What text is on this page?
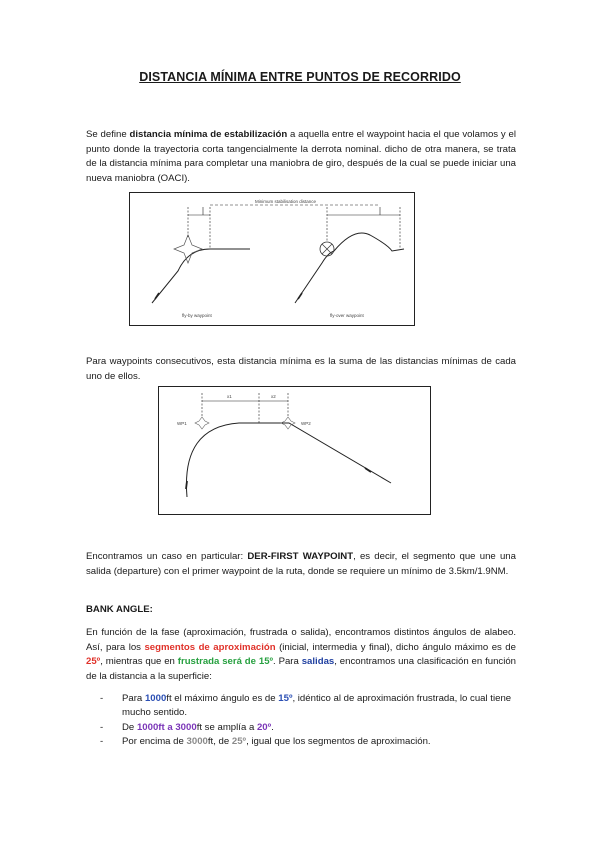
DISTANCIA MÍNIMA ENTRE PUNTOS DE RECORRIDO

Se define distancia mínima de estabilización a aquella entre el waypoint hacia el que volamos y el punto donde la trayectoria corta tangencialmente la derrota nominal. dicho de otra manera, se trata de la distancia mínima para completar una maniobra de giro, después de la cual se puede iniciar una nueva maniobra (OACI).

Minimum stabilisation distance
fly-by waypoint	fly-over waypoint

Para waypoints consecutivos, esta distancia mínima es la suma de las distancias mínimas de cada uno de ellos.

WP1	WP2
x1	x2

Encontramos un caso en particular: DER-FIRST WAYPOINT, es decir, el segmento que une una salida (departure) con el primer waypoint de la ruta, donde se requiere un mínimo de 3.5km/1.9NM.

BANK ANGLE:

En función de la fase (aproximación, frustrada o salida), encontramos distintos ángulos de alabeo. Así, para los segmentos de aproximación (inicial, intermedia y final), dicho ángulo máximo es de 25º, mientras que en frustrada será de 15º. Para salidas, encontramos una clasificación en función de la distancia a la superficie:

- Para 1000ft el máximo ángulo es de 15º, idéntico al de aproximación frustrada, lo cual tiene mucho sentido.
- De 1000ft a 3000ft se amplía a 20º.
- Por encima de 3000ft, de 25º, igual que los segmentos de aproximación.
